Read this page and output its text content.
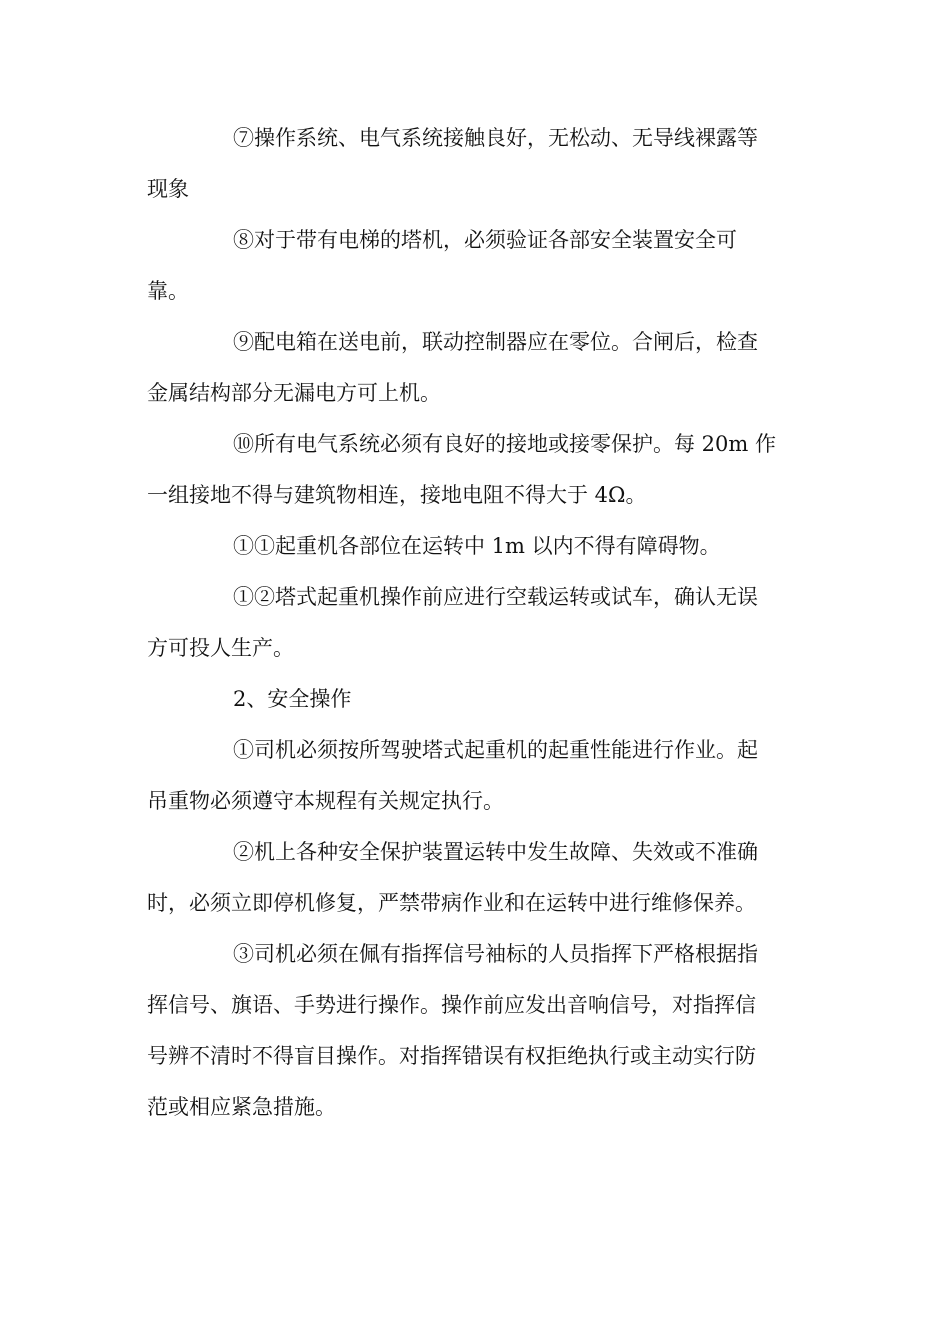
⑦操作系统、电气系统接触良好，无松动、无导线裸露等
现象

⑧对于带有电梯的塔机，必须验证各部安全装置安全可
靠。

⑨配电箱在送电前，联动控制器应在零位。合闸后，检查
金属结构部分无漏电方可上机。

⑩所有电气系统必须有良好的接地或接零保护。每 20m 作
一组接地不得与建筑物相连，接地电阻不得大于 4Ω。

①①起重机各部位在运转中 1m 以内不得有障碍物。

①②塔式起重机操作前应进行空载运转或试车，确认无误
方可投人生产。

2、安全操作

①司机必须按所驾驶塔式起重机的起重性能进行作业。起
吊重物必须遵守本规程有关规定执行。

②机上各种安全保护装置运转中发生故障、失效或不准确
时，必须立即停机修复，严禁带病作业和在运转中进行维修保养。

③司机必须在佩有指挥信号袖标的人员指挥下严格根据指
挥信号、旗语、手势进行操作。操作前应发出音响信号，对指挥信
号辨不清时不得盲目操作。对指挥错误有权拒绝执行或主动实行防
范或相应紧急措施。
